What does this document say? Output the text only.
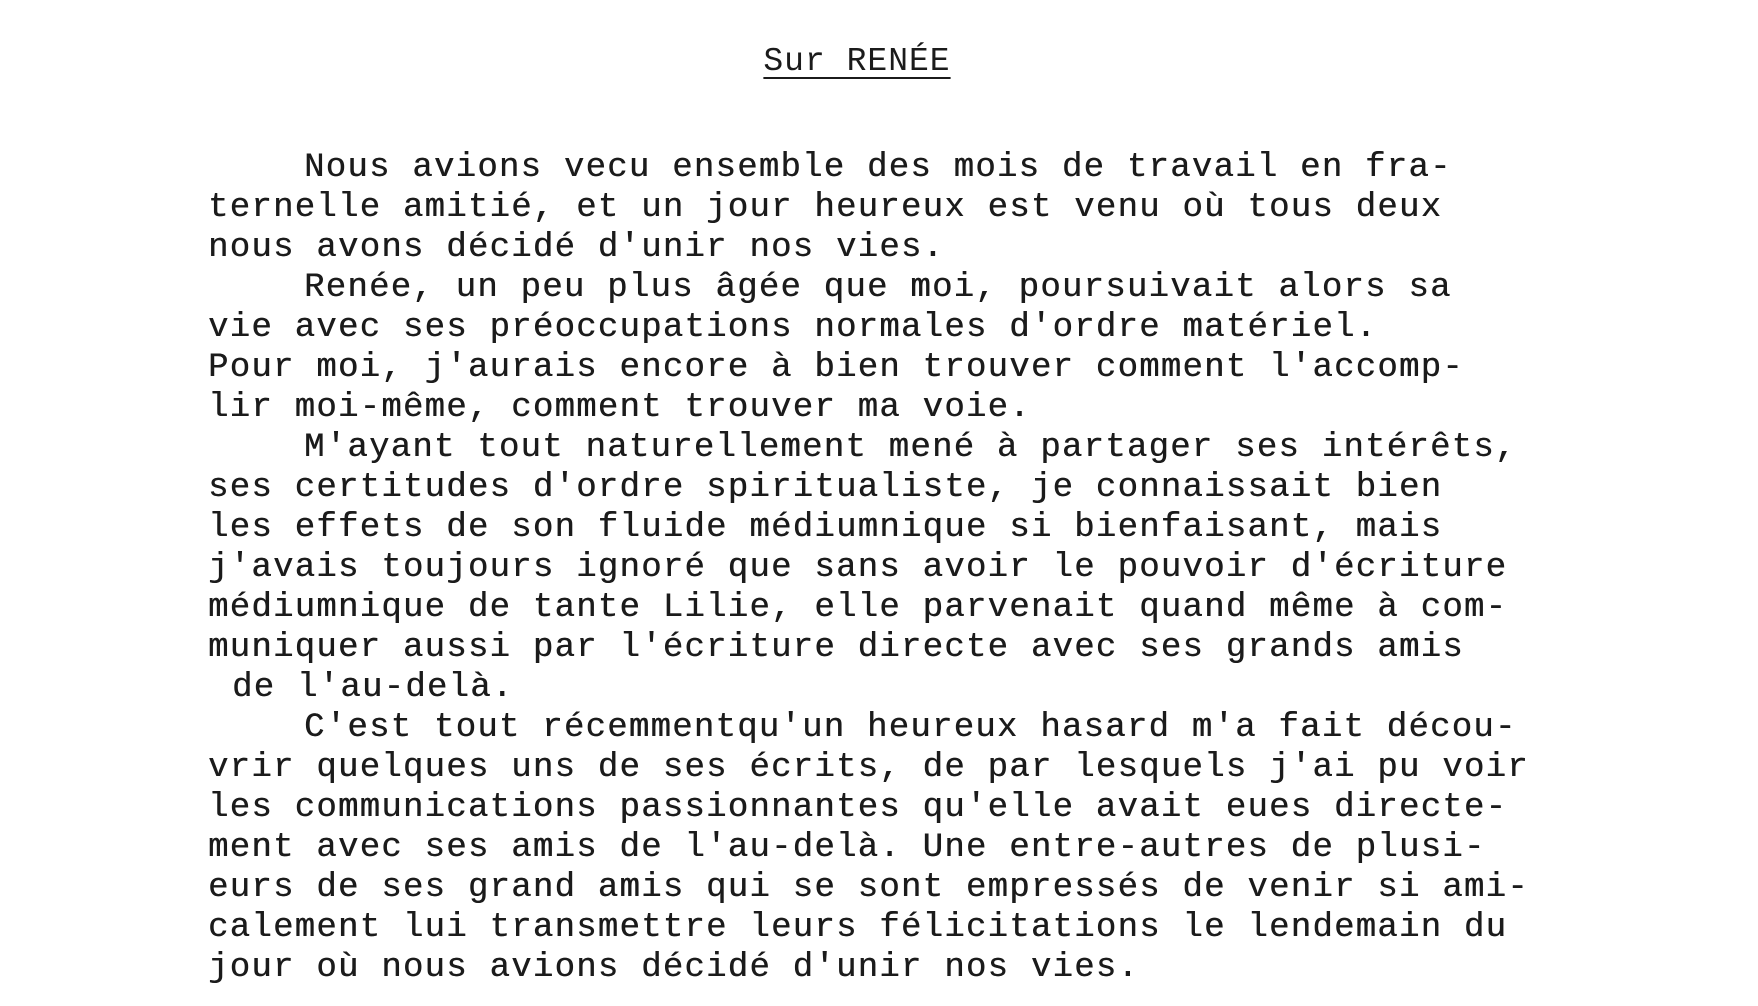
Sur RENÉE
Nous avions vecu ensemble des mois de travail en fra-
ternelle amitié, et un jour heureux est venu où tous deux
nous avons décidé d'unir nos vies.
Renée, un peu plus âgée que moi, poursuivait alors sa
vie avec ses préoccupations normales d'ordre matériel.
Pour moi, j'aurais encore à bien trouver comment l'accomp-
lir moi-même, comment trouver ma voie.
M'ayant tout naturellement mené à partager ses intérêts,
ses certitudes d'ordre spiritualiste, je connaissait bien
les effets de son fluide médiumnique si bienfaisant, mais
j'avais toujours ignoré que sans avoir le pouvoir d'écriture
médiumnique de tante Lilie, elle parvenait quand même à com-
muniquer aussi par l'écriture directe avec ses grands amis
de l'au-delà.
C'est tout récemmentqu'un heureux hasard m'a fait décou-
vrir quelques uns de ses écrits, de par lesquels j'ai pu voir
les communications passionnantes qu'elle avait eues directe-
ment avec ses amis de l'au-delà. Une entre-autres de plusi-
eurs de ses grand amis qui se sont empressés de venir si ami-
calement lui transmettre leurs félicitations le lendemain du
jour où nous avions décidé d'unir nos vies.
